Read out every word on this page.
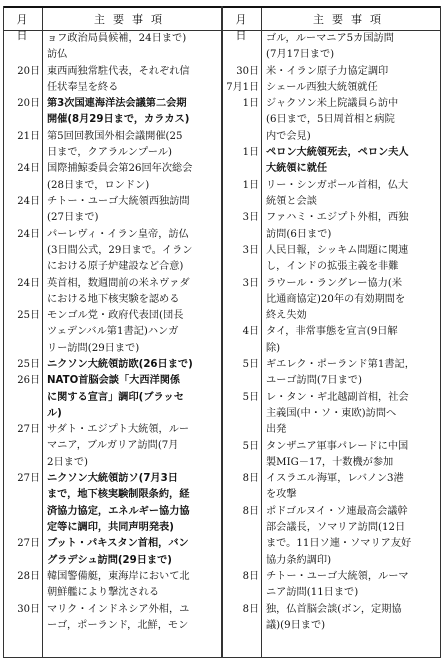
月　日
主要事項
ョフ政治局員候補，24日まで)
訪仏
20日 東西両独常駐代表，それぞれ信
任状奉呈を終る
20日 第3次国連海洋法会議第二会期
開催(8月29日まで，カラカス)
21日 第5回回教国外相会議開催(25
日まで，クアラルンプール)
24日 国際捕鯨委員会第26回年次総会
(28日まで，ロンドン)
24日 チトー・ユーゴ大統領西独訪問
(27日まで)
24日 パーレヴィ・イラン皇帝，訪仏
(3日間公式，29日まで。イラン
における原子炉建設など合意)
24日 英首相，数週間前の米ネヴァダ
における地下核実験を認める
25日 モンゴル党・政府代表団(団長
ツェデンバル第1書記)ハンガ
リー訪問(29日まで)
25日 ニクソン大統領訪欧(26日まで)
26日 NATO首脳会談「大西洋関係
に関する宣言」調印(ブラッセ
ル)
27日 サダト・エジプト大統領，ルー
マニア，ブルガリア訪問(7月
2日まで)
27日 ニクソン大統領訪ソ(7月3日
まで，地下核実験制限条約，経
済協力協定，エネルギー協力協
定等に調印，共同声明発表)
27日 ブット・パキスタン首相，バン
グラデシュ訪問(29日まで)
28日 韓国警備艇，東海岸において北
朝鮮艦により撃沈される
30日 マリク・インドネシア外相，ユ
ーゴ，ポーランド，北鮮，モン
月　日
主要事項
ゴル，ルーマニア5カ国訪問
(7月17日まで)
30日 米・イラン原子力協定調印
7月1日 シェール西独大統領就任
1日 ジャクソン米上院議員ら訪中
(6日まで，5日周首相と病院
内で会見)
1日 ペロン大統領死去，ペロン夫人
大統領に就任
1日 リー・シンガポール首相，仏大
統領と会談
3日 ファハミ・エジプト外相，西独
訪問(6日まで)
3日 人民日報，シッキム問題に関連
し，インドの拡張主義を非難
3日 ラウール・ラングレー協力(米
比通商協定)20年の有効期間を
終え失効
4日 タイ，非常事態を宣言(9日解
除)
5日 ギエレク・ポーランド第1書記，
ユーゴ訪問(7日まで)
5日 レ・タン・ギ北越副首相，社会
主義国(中・ソ・東欧)訪問へ
出発
5日 タンザニア軍事パレードに中国
製MIG－17，十数機が参加
8日 イスラエル海軍，レバノン3港
を攻撃
8日 ポドゴルヌイ・ソ連最高会議幹
部会議長，ソマリア訪問(12日
まで。11日ソ連・ソマリア友好
協力条約調印)
8日 チトー・ユーゴ大統領，ルーマ
ニア訪問(11日まで)
8日 独，仏首脳会談(ボン，定期協
議)(9日まで)
